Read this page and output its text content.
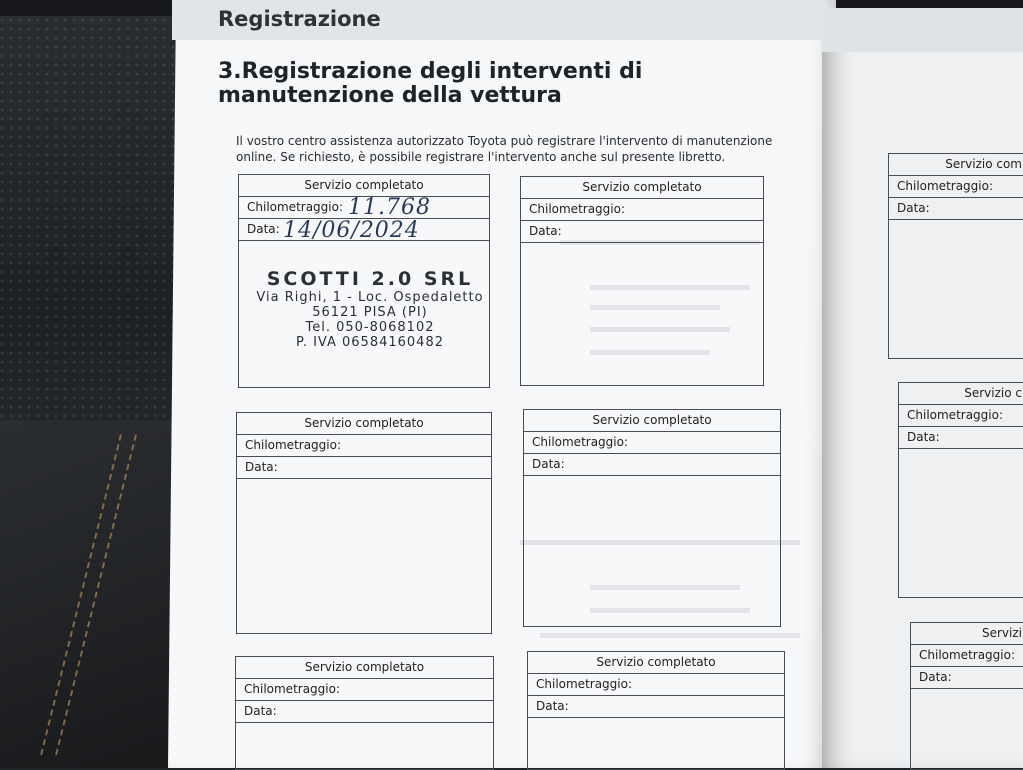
Registrazione
3.Registrazione degli interventi di manutenzione della vettura
Il vostro centro assistenza autorizzato Toyota può registrare l'intervento di manutenzione online. Se richiesto, è possibile registrare l'intervento anche sul presente libretto.
Servizio completato
Chilometraggio:
Data:
11.768
14/06/2024
SCOTTI 2.0 SRL
Via Righi, 1 - Loc. Ospedaletto
56121 PISA (PI)
Tel. 050-8068102
P. IVA 06584160482
Servizio completato
Chilometraggio:
Data:
Servizio completato
Chilometraggio:
Data:
Servizio completato
Chilometraggio:
Data:
Servizio completato
Chilometraggio:
Data:
Servizio completato
Chilometraggio:
Data:
Servizio com
Chilometraggio:
Data:
Servizio c
Chilometraggio:
Data:
Servizi
Chilometraggio:
Data:
